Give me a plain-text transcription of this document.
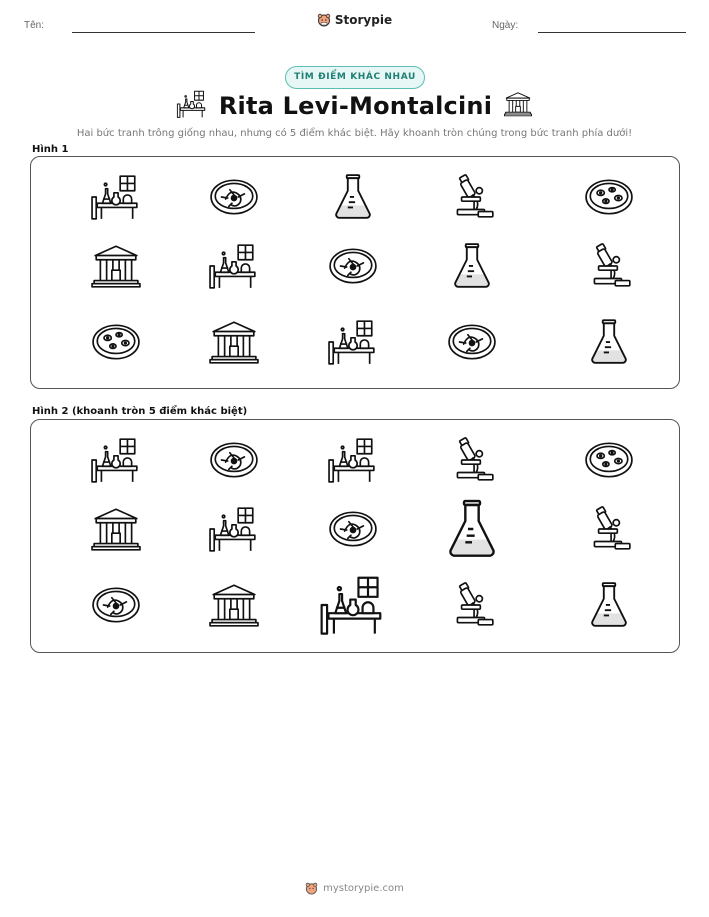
Tên:	Storypie	Ngày:
TÌM ĐIỂM KHÁC NHAU
Rita Levi-Montalcini
Hai bức tranh trông giống nhau, nhưng có 5 điểm khác biệt. Hãy khoanh tròn chúng trong bức tranh phía dưới!
Hình 1
Hình 2 (khoanh tròn 5 điểm khác biệt)
mystorypie.com
